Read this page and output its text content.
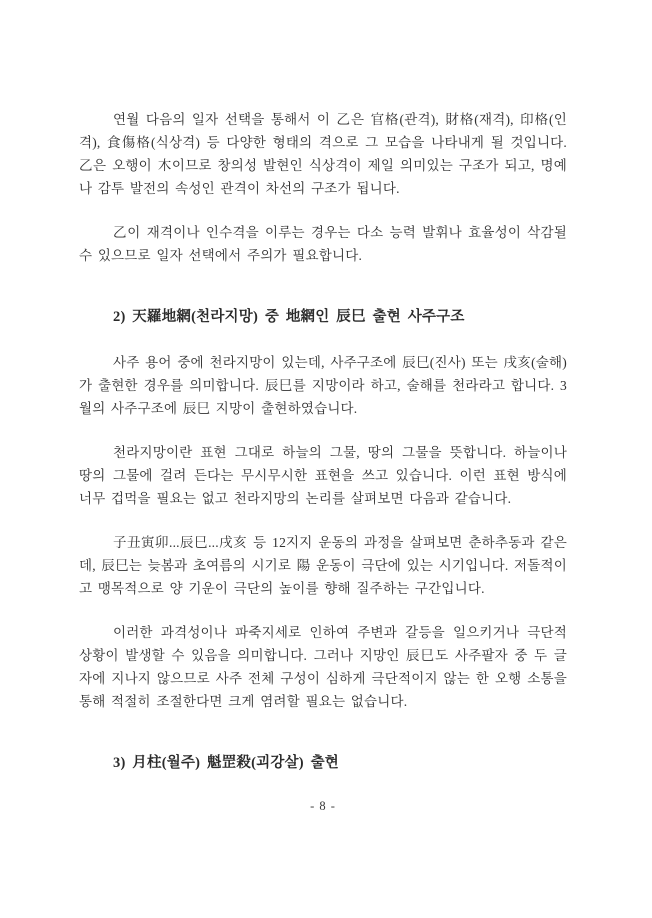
연월 다음의 일자 선택을 통해서 이 乙은 官格(관격), 財格(재격), 印格(인격), 食傷格(식상격) 등 다양한 형태의 격으로 그 모습을 나타내게 될 것입니다. 乙은 오행이 木이므로 창의성 발현인 식상격이 제일 의미있는 구조가 되고, 명예나 감투 발전의 속성인 관격이 차선의 구조가 됩니다.

乙이 재격이나 인수격을 이루는 경우는 다소 능력 발휘나 효율성이 삭감될 수 있으므로 일자 선택에서 주의가 필요합니다.

2) 天羅地網(천라지망) 중 地網인 辰巳 출현 사주구조

사주 용어 중에 천라지망이 있는데, 사주구조에 辰巳(진사) 또는 戌亥(술해)가 출현한 경우를 의미합니다. 辰巳를 지망이라 하고, 술해를 천라라고 합니다. 3월의 사주구조에 辰巳 지망이 출현하였습니다.

천라지망이란 표현 그대로 하늘의 그물, 땅의 그물을 뜻합니다. 하늘이나 땅의 그물에 걸려 든다는 무시무시한 표현을 쓰고 있습니다. 이런 표현 방식에 너무 겁먹을 필요는 없고 천라지망의 논리를 살펴보면 다음과 같습니다.

子丑寅卯...辰巳...戌亥 등 12지지 운동의 과정을 살펴보면 춘하추동과 같은데, 辰巳는 늦봄과 초여름의 시기로 陽 운동이 극단에 있는 시기입니다. 저돌적이고 맹목적으로 양 기운이 극단의 높이를 향해 질주하는 구간입니다.

이러한 과격성이나 파죽지세로 인하여 주변과 갈등을 일으키거나 극단적 상황이 발생할 수 있음을 의미합니다. 그러나 지망인 辰巳도 사주팔자 중 두 글자에 지나지 않으므로 사주 전체 구성이 심하게 극단적이지 않는 한 오행 소통을 통해 적절히 조절한다면 크게 염려할 필요는 없습니다.

3) 月柱(월주) 魁罡殺(괴강살) 출현
- 8 -
